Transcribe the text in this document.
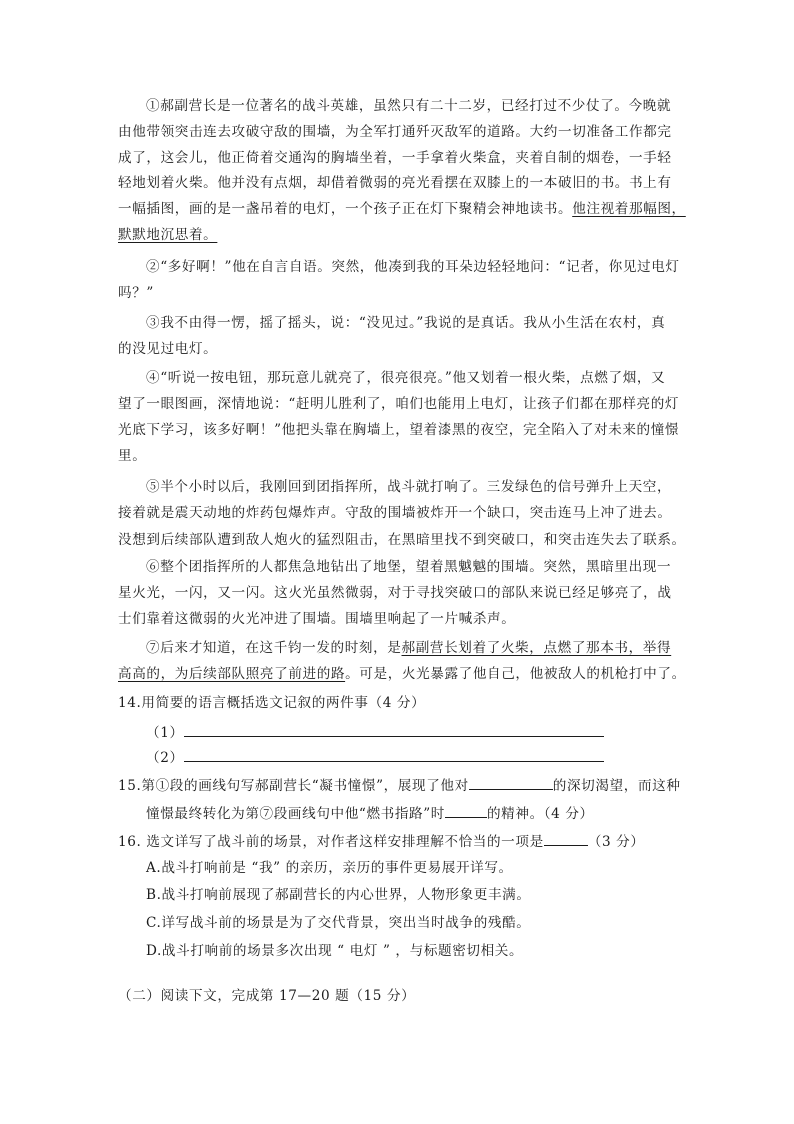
①郝副营长是一位著名的战斗英雄，虽然只有二十二岁，已经打过不少仗了。今晚就
由他带领突击连去攻破守敌的围墙，为全军打通歼灭敌军的道路。大约一切准备工作都完
成了，这会儿，他正倚着交通沟的胸墙坐着，一手拿着火柴盒，夹着自制的烟卷，一手轻
轻地划着火柴。他并没有点烟，却借着微弱的亮光看摆在双膝上的一本破旧的书。书上有
一幅插图，画的是一盏吊着的电灯，一个孩子正在灯下聚精会神地读书。他注视着那幅图，
默默地沉思着。
②“多好啊！”他在自言自语。突然，他凑到我的耳朵边轻轻地问：“记者，你见过电灯
吗？”
③我不由得一愣，摇了摇头，说：“没见过。”我说的是真话。我从小生活在农村，真
的没见过电灯。
④“听说一按电钮，那玩意儿就亮了，很亮很亮。”他又划着一根火柴，点燃了烟，又
望了一眼图画，深情地说：“赶明儿胜利了，咱们也能用上电灯，让孩子们都在那样亮的灯
光底下学习，该多好啊！”他把头靠在胸墙上，望着漆黑的夜空，完全陷入了对未来的憧憬
里。
⑤半个小时以后，我刚回到团指挥所，战斗就打响了。三发绿色的信号弹升上天空，
接着就是震天动地的炸药包爆炸声。守敌的围墙被炸开一个缺口，突击连马上冲了进去。
没想到后续部队遭到敌人炮火的猛烈阻击，在黑暗里找不到突破口，和突击连失去了联系。
⑥整个团指挥所的人都焦急地钻出了地堡，望着黑魆魆的围墙。突然，黑暗里出现一
星火光，一闪，又一闪。这火光虽然微弱，对于寻找突破口的部队来说已经足够亮了，战
士们靠着这微弱的火光冲进了围墙。围墙里响起了一片喊杀声。
⑦后来才知道，在这千钧一发的时刻，是郝副营长划着了火柴，点燃了那本书，举得
高高的，为后续部队照亮了前进的路。可是，火光暴露了他自己，他被敌人的机枪打中了。
14.用简要的语言概括选文记叙的两件事（4 分）
（1）
（2）
15.第①段的画线句写郝副营长“凝书憧憬”，展现了他对	的深切渴望，而这种
憧憬最终转化为第⑦段画线句中他“燃书指路”时	的精神。（4 分）
16. 选文详写了战斗前的场景，对作者这样安排理解不恰当的一项是	（3 分）
A.战斗打响前是 “我” 的亲历，亲历的事件更易展开详写。
B.战斗打响前展现了郝副营长的内心世界，人物形象更丰满。
C.详写战斗前的场景是为了交代背景，突出当时战争的残酷。
D.战斗打响前的场景多次出现 “ 电灯 ” ，与标题密切相关。
（二）阅读下文，完成第 17—20 题（15 分）
